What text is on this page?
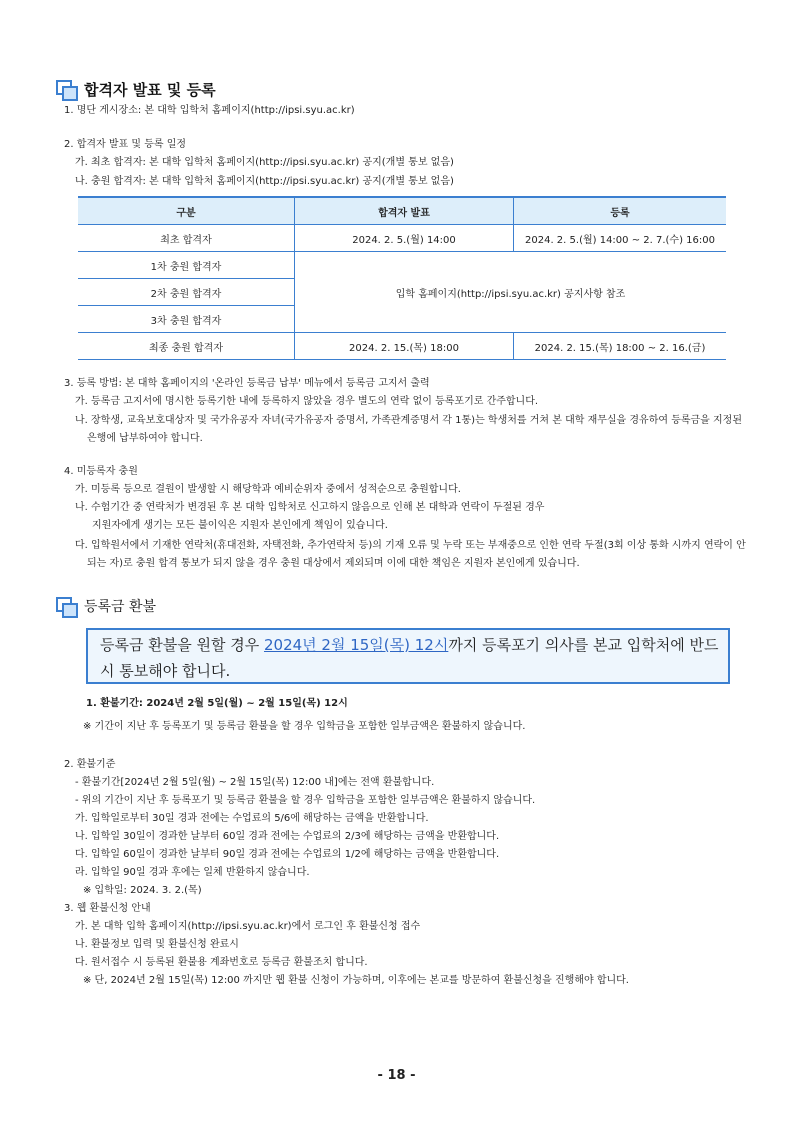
합격자 발표 및 등록
1. 명단 게시장소: 본 대학 입학처 홈페이지(http://ipsi.syu.ac.kr)
2. 합격자 발표 및 등록 일정
가. 최초 합격자: 본 대학 입학처 홈페이지(http://ipsi.syu.ac.kr) 공지(개별 통보 없음)
나. 충원 합격자: 본 대학 입학처 홈페이지(http://ipsi.syu.ac.kr) 공지(개별 통보 없음)
구분	합격자 발표	등록
최초 합격자	2024. 2. 5.(월) 14:00	2024. 2. 5.(월) 14:00 ~ 2. 7.(수) 16:00
1차 충원 합격자	입학 홈페이지(http://ipsi.syu.ac.kr) 공지사항 참조	
2차 충원 합격자		
3차 충원 합격자		
최종 충원 합격자	2024. 2. 15.(목) 18:00	2024. 2. 15.(목) 18:00 ~ 2. 16.(금)
3. 등록 방법: 본 대학 홈페이지의 '온라인 등록금 납부' 메뉴에서 등록금 고지서 출력
가. 등록금 고지서에 명시한 등록기한 내에 등록하지 않았을 경우 별도의 연락 없이 등록포기로 간주합니다.
나. 장학생, 교육보호대상자 및 국가유공자 자녀(국가유공자 증명서, 가족관계증명서 각 1통)는 학생처를 거쳐 본 대학 재무실을 경유하여 등록금을 지정된 은행에 납부하여야 합니다.
4. 미등록자 충원
가. 미등록 등으로 결원이 발생할 시 해당학과 예비순위자 중에서 성적순으로 충원합니다.
나. 수험기간 중 연락처가 변경된 후 본 대학 입학처로 신고하지 않음으로 인해 본 대학과 연락이 두절된 경우
지원자에게 생기는 모든 불이익은 지원자 본인에게 책임이 있습니다.
다. 입학원서에서 기재한 연락처(휴대전화, 자택전화, 추가연락처 등)의 기재 오류 및 누락 또는 부재중으로 인한 연락 두절(3회 이상 통화 시까지 연락이 안되는 자)로 충원 합격 통보가 되지 않을 경우 충원 대상에서 제외되며 이에 대한 책임은 지원자 본인에게 있습니다.
등록금 환불
등록금 환불을 원할 경우 2024년 2월 15일(목) 12시까지 등록포기 의사를 본교 입학처에 반드시 통보해야 합니다.
1. 환불기간: 2024년 2월 5일(월) ~ 2월 15일(목) 12시
※ 기간이 지난 후 등록포기 및 등록금 환불을 할 경우 입학금을 포함한 일부금액은 환불하지 않습니다.
2. 환불기준
- 환불기간[2024년 2월 5일(월) ~ 2월 15일(목) 12:00 내]에는 전액 환불합니다.
- 위의 기간이 지난 후 등록포기 및 등록금 환불을 할 경우 입학금을 포함한 일부금액은 환불하지 않습니다.
가. 입학일로부터 30일 경과 전에는 수업료의 5/6에 해당하는 금액을 반환합니다.
나. 입학일 30일이 경과한 날부터 60일 경과 전에는 수업료의 2/3에 해당하는 금액을 반환합니다.
다. 입학일 60일이 경과한 날부터 90일 경과 전에는 수업료의 1/2에 해당하는 금액을 반환합니다.
라. 입학일 90일 경과 후에는 일체 반환하지 않습니다.
※ 입학일: 2024. 3. 2.(목)
3. 웹 환불신청 안내
가. 본 대학 입학 홈페이지(http://ipsi.syu.ac.kr)에서 로그인 후 환불신청 접수
나. 환불정보 입력 및 환불신청 완료시
다. 원서접수 시 등록된 환불용 계좌번호로 등록금 환불조치 합니다.
※ 단, 2024년 2월 15일(목) 12:00 까지만 웹 환불 신청이 가능하며, 이후에는 본교를 방문하여 환불신청을 진행해야 합니다.
- 18 -
